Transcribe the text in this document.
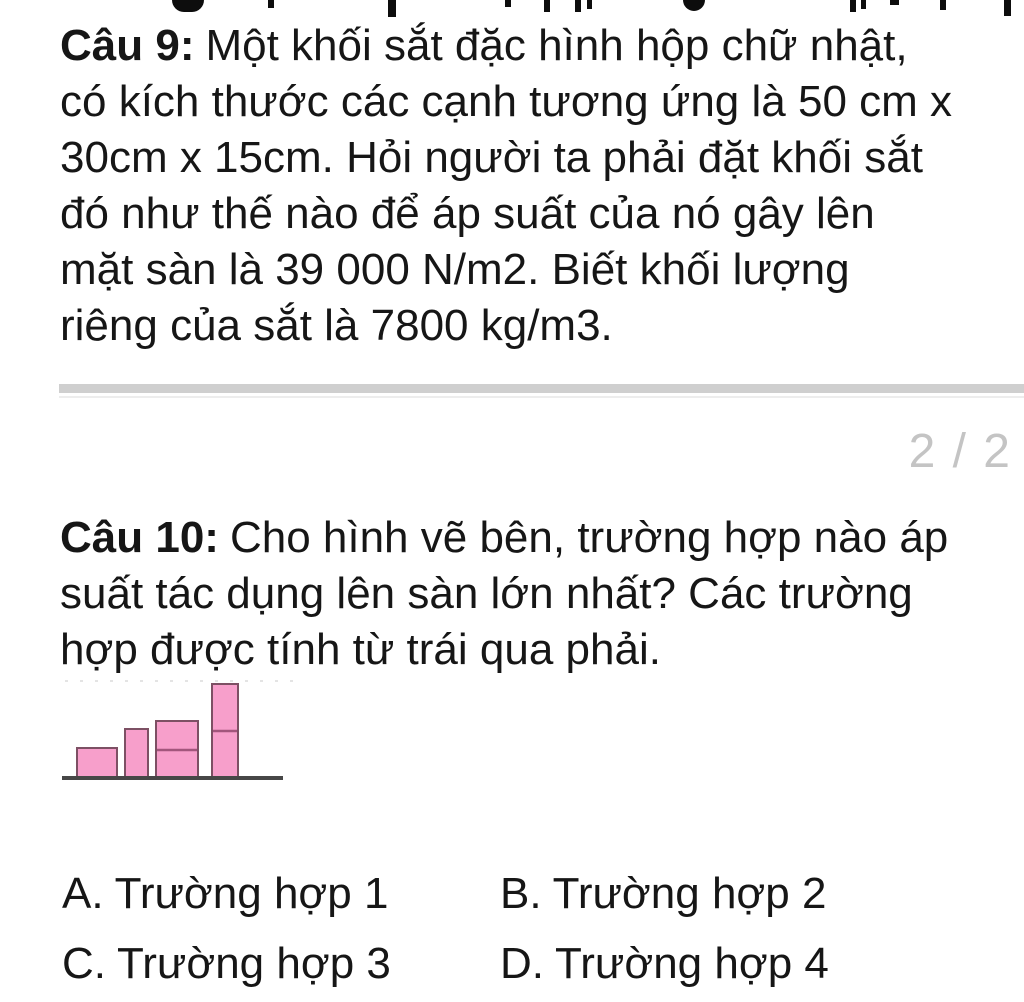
Câu 9: Một khối sắt đặc hình hộp chữ nhật,
có kích thước các cạnh tương ứng là 50 cm x
30cm x 15cm. Hỏi người ta phải đặt khối sắt
đó như thế nào để áp suất của nó gây lên
mặt sàn là 39 000 N/m2. Biết khối lượng
riêng của sắt là 7800 kg/m3.
2 / 2
Câu 10: Cho hình vẽ bên, trường hợp nào áp
suất tác dụng lên sàn lớn nhất? Các trường
hợp được tính từ trái qua phải.
A. Trường hợp 1	B. Trường hợp 2
C. Trường hợp 3 D. Trường hợp 4
